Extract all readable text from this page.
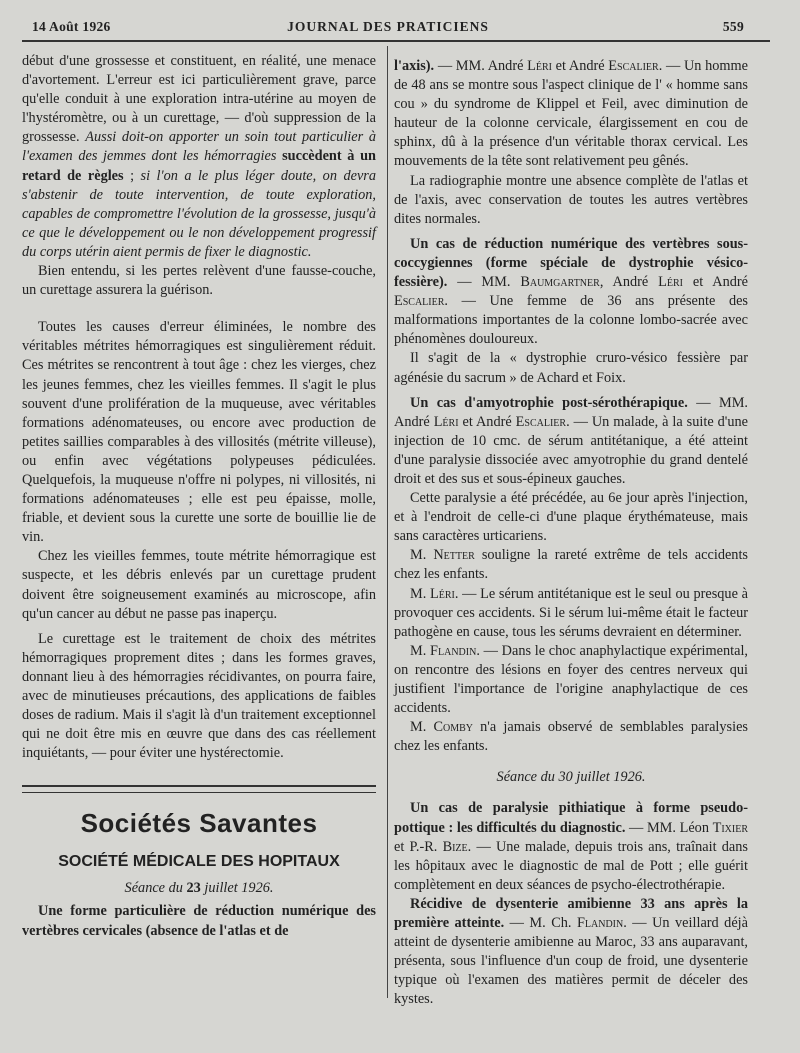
14 Août 1926	JOURNAL DES PRATICIENS	559

début d'une grossesse et constituent, en réalité, une menace d'avortement. L'erreur est ici particulièrement grave, parce qu'elle conduit à une exploration intra-utérine au moyen de l'hystéromètre, ou à un curettage, — d'où suppression de la grossesse. Aussi doit-on apporter un soin tout particulier à l'examen des jemmes dont les hémorragies succèdent à un retard de règles ; si l'on a le plus léger doute, on devra s'abstenir de toute intervention, de toute exploration, capables de compromettre l'évolution de la grossesse, jusqu'à ce que le développement ou le non développement progressif du corps utérin aient permis de fixer le diagnostic.

Bien entendu, si les pertes relèvent d'une fausse-couche, un curettage assurera la guérison.

Toutes les causes d'erreur éliminées, le nombre des véritables métrites hémorragiques est singulièrement réduit. Ces métrites se rencontrent à tout âge : chez les vierges, chez les jeunes femmes, chez les vieilles femmes. Il s'agit le plus souvent d'une prolifération de la muqueuse, avec véritables formations adénomateuses, ou encore avec production de petites saillies comparables à des villosités (métrite villeuse), ou enfin avec végétations polypeuses pédiculées. Quelquefois, la muqueuse n'offre ni polypes, ni villosités, ni formations adénomateuses ; elle est peu épaisse, molle, friable, et devient sous la curette une sorte de bouillie lie de vin.

Chez les vieilles femmes, toute métrite hémorragique est suspecte, et les débris enlevés par un curettage prudent doivent être soigneusement examinés au microscope, afin qu'un cancer au début ne passe pas inaperçu.

Le curettage est le traitement de choix des métrites hémorragiques proprement dites ; dans les formes graves, donnant lieu à des hémorragies récidivantes, on pourra faire, avec de minutieuses précautions, des applications de faibles doses de radium. Mais il s'agit là d'un traitement exceptionnel qui ne doit être mis en œuvre que dans des cas réellement inquiétants, — pour éviter une hystérectomie.

Sociétés Savantes
SOCIÉTÉ MÉDICALE DES HOPITAUX
Séance du 23 juillet 1926.

Une forme particulière de réduction numérique des vertèbres cervicales (absence de l'atlas et de

l'axis). — MM. André Léri et André Escalier. — Un homme de 48 ans se montre sous l'aspect clinique de l' « homme sans cou » du syndrome de Klippel et Feil, avec diminution de hauteur de la colonne cervicale, élargissement en cou de sphinx, dû à la présence d'un véritable thorax cervical. Les mouvements de la tête sont relativement peu gênés.

La radiographie montre une absence complète de l'atlas et de l'axis, avec conservation de toutes les autres vertèbres dites normales.

Un cas de réduction numérique des vertèbres sous-coccygiennes (forme spéciale de dystrophie vésico-fessière). — MM. Baumgartner, André Léri et André Escalier. — Une femme de 36 ans présente des malformations importantes de la colonne lombo-sacrée avec phénomènes douloureux.

Il s'agit de la « dystrophie cruro-vésico fessière par agénésie du sacrum » de Achard et Foix.

Un cas d'amyotrophie post-sérothérapique. — MM. André Léri et André Escalier. — Un malade, à la suite d'une injection de 10 cmc. de sérum antitétanique, a été atteint d'une paralysie dissociée avec amyotrophie du grand dentelé droit et des sus et sous-épineux gauches.

Cette paralysie a été précédée, au 6e jour après l'injection, et à l'endroit de celle-ci d'une plaque érythémateuse, mais sans caractères urticariens.

M. Netter souligne la rareté extrême de tels accidents chez les enfants.

M. Léri. — Le sérum antitétanique est le seul ou presque à provoquer ces accidents. Si le sérum lui-même était le facteur pathogène en cause, tous les sérums devraient en déterminer.

M. Flandin. — Dans le choc anaphylactique expérimental, on rencontre des lésions en foyer des centres nerveux qui justifient l'importance de l'origine anaphylactique de ces accidents.

M. Comby n'a jamais observé de semblables paralysies chez les enfants.

Séance du 30 juillet 1926.

Un cas de paralysie pithiatique à forme pseudo-pottique : les difficultés du diagnostic. — MM. Léon Tixier et P.-R. Bize. — Une malade, depuis trois ans, traînait dans les hôpitaux avec le diagnostic de mal de Pott ; elle guérit complètement en deux séances de psycho-électrothérapie.

Récidive de dysenterie amibienne 33 ans après la première atteinte. — M. Ch. Flandin. — Un veillard déjà atteint de dysenterie amibienne au Maroc, 33 ans auparavant, présenta, sous l'influence d'un coup de froid, une dysenterie typique où l'examen des matières permit de déceler des kystes.
